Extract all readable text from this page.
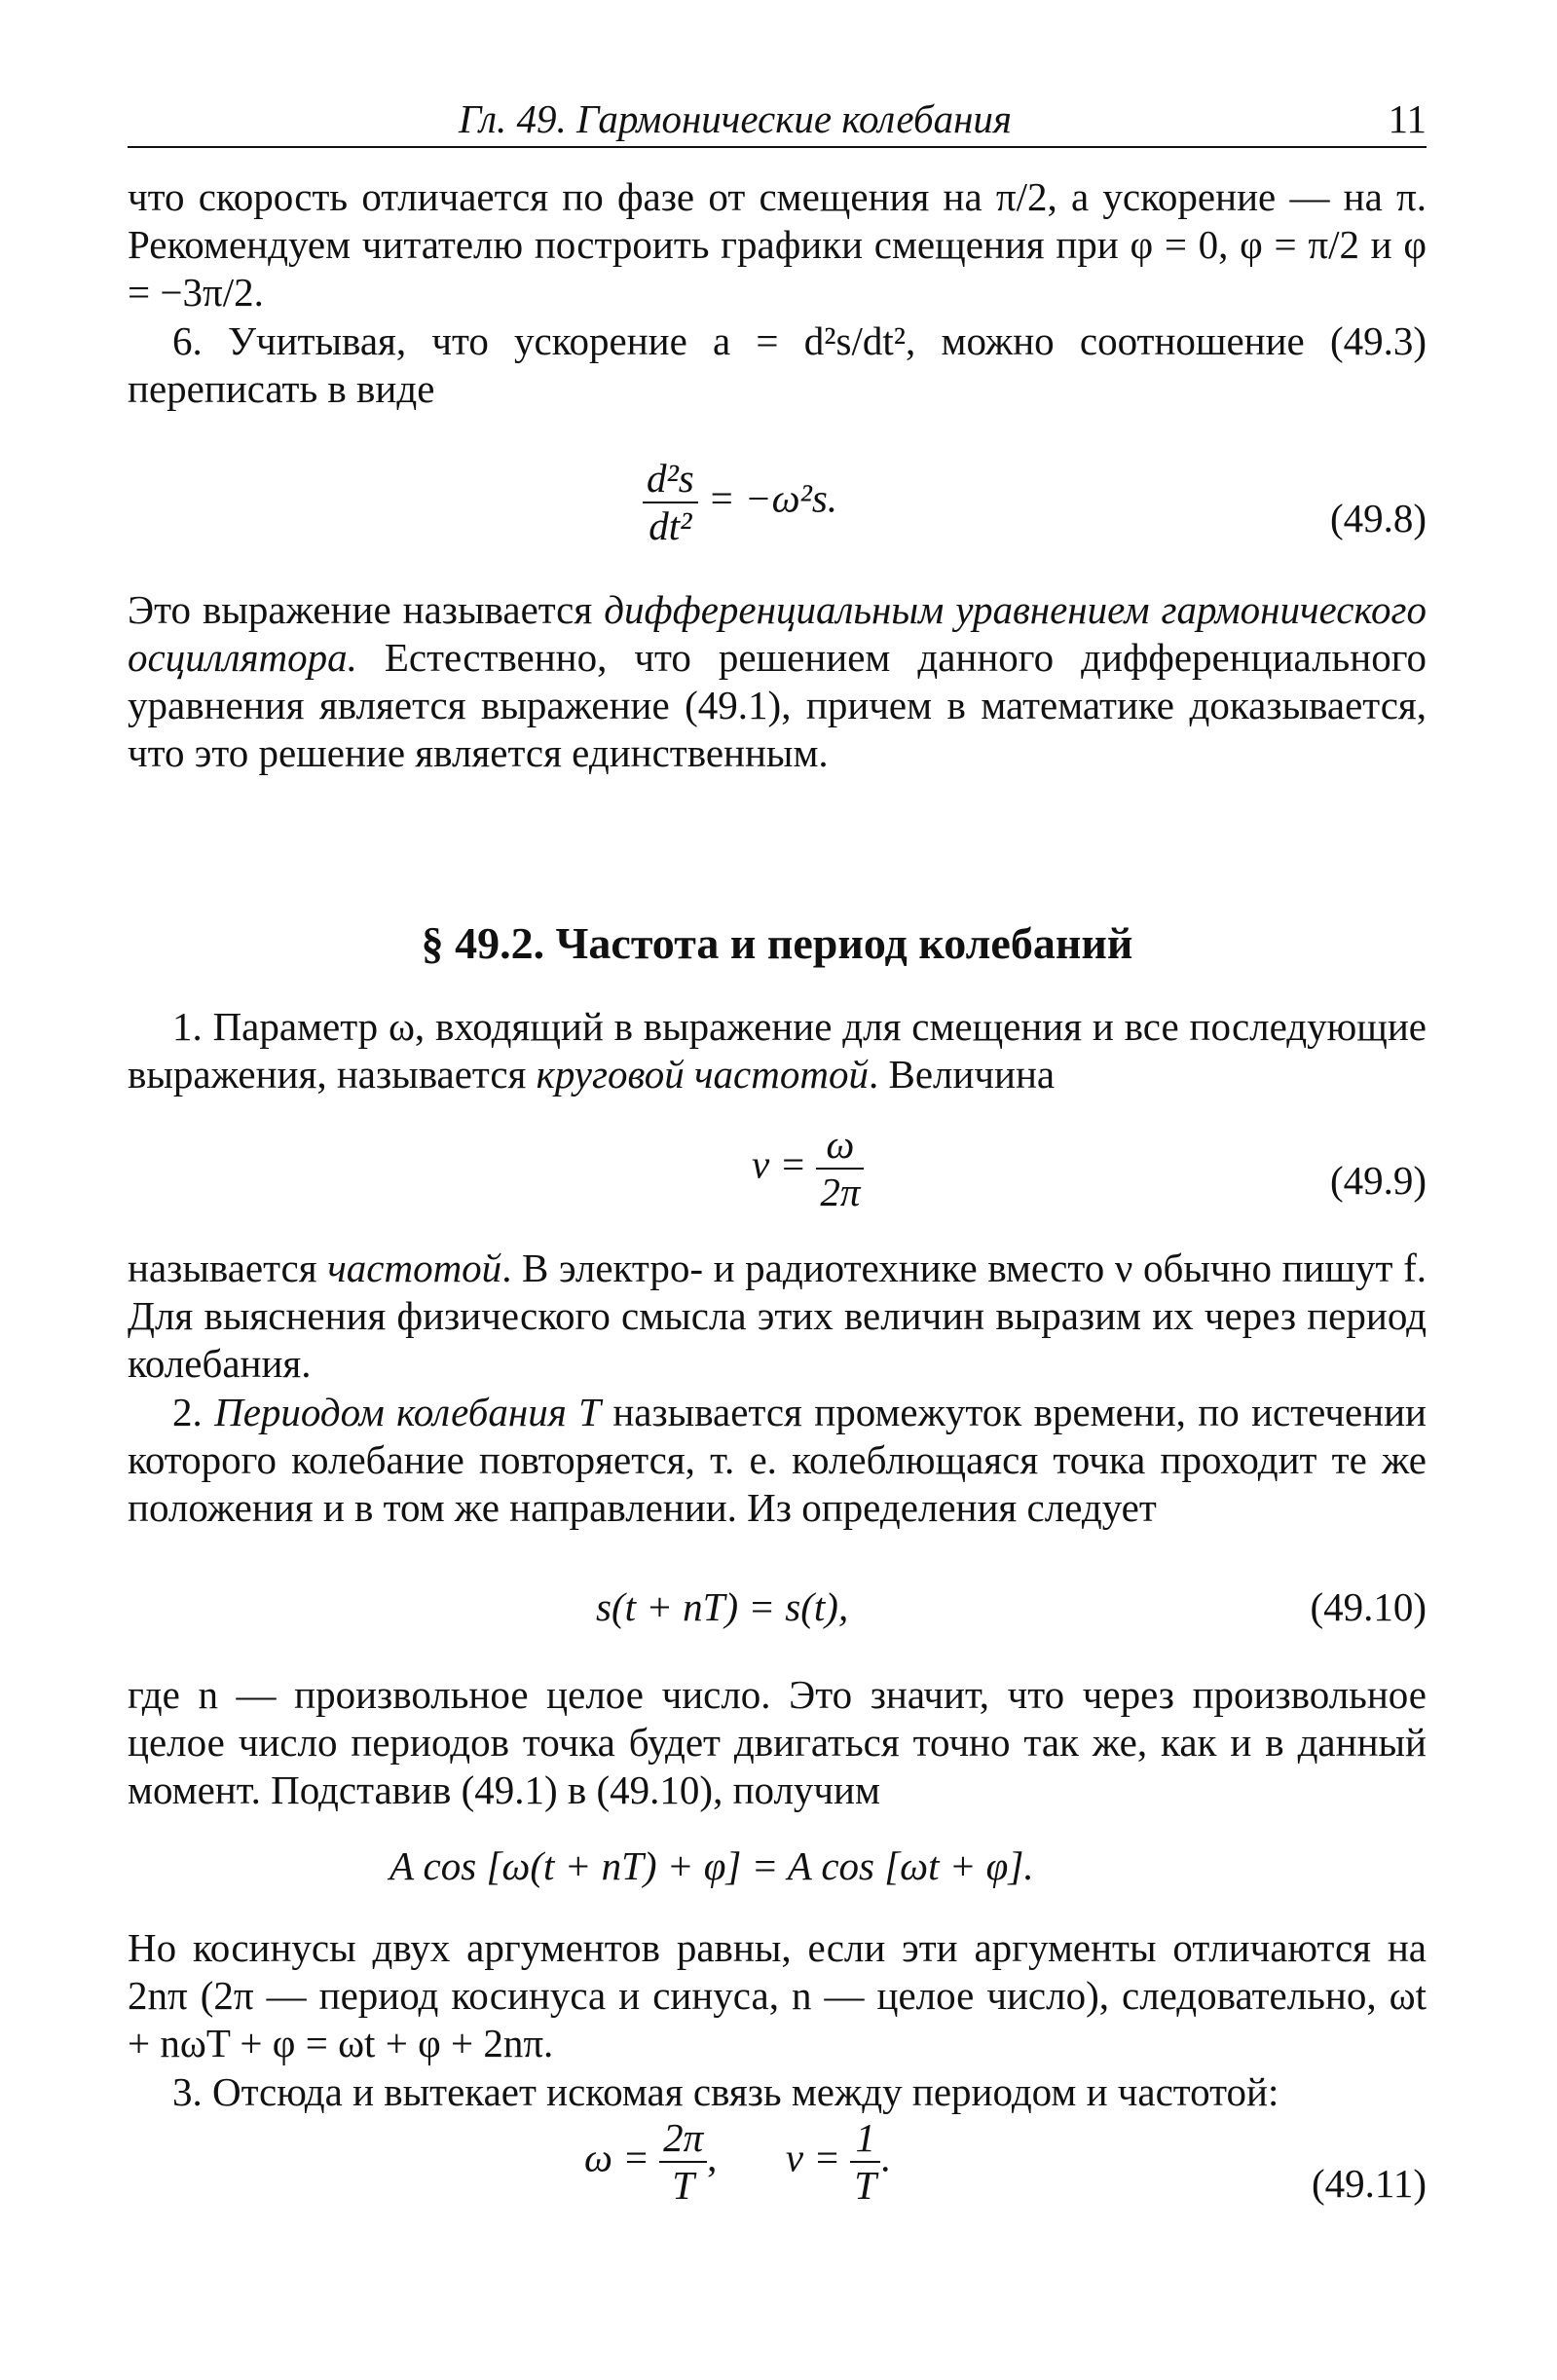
Гл. 49. Гармонические колебания	11

что скорость отличается по фазе от смещения на π/2, а ускорение — на π. Рекомендуем читателю построить графики смещения при φ = 0, φ = π/2 и φ = −3π/2.

6. Учитывая, что ускорение a = d²s/dt², можно соотношение (49.3) переписать в виде

$\frac{\text{d²s}}{\text{dt²}} = -\omega^2s$.	(49.8)

Это выражение называется дифференциальным уравнением гармонического осциллятора. Естественно, что решением данного дифференциального уравнения является выражение (49.1), причем в математике доказывается, что это решение является единственным.

§ 49.2. Частота и период колебаний

1. Параметр ω, входящий в выражение для смещения и все последующие выражения, называется круговой частотой. Величина

$\nu = \frac{\omega}{2\pi}$	(49.9)

называется частотой. В электро- и радиотехнике вместо ν обычно пишут f. Для выяснения физического смысла этих величин выразим их через период колебания.

2. Периодом колебания T называется промежуток времени, по истечении которого колебание повторяется, т. е. колеблющаяся точка проходит те же положения и в том же направлении. Из определения следует

s(t + nT) = s(t),	(49.10)

где n — произвольное целое число. Это значит, что через произвольное целое число периодов точка будет двигаться точно так же, как и в данный момент. Подставив (49.1) в (49.10), получим

A cos [ω(t + nT) + φ] = A cos [ωt + φ].

Но косинусы двух аргументов равны, если эти аргументы отличаются на 2nπ (2π — период косинуса и синуса, n — целое число), следовательно, ωt + nωT + φ = ωt + φ + 2nπ.

3. Отсюда и вытекает искомая связь между периодом и частотой:

$\omega = \frac{2\pi}{T}$ , $\nu = \frac{1}{T}$ .
(49.11)
